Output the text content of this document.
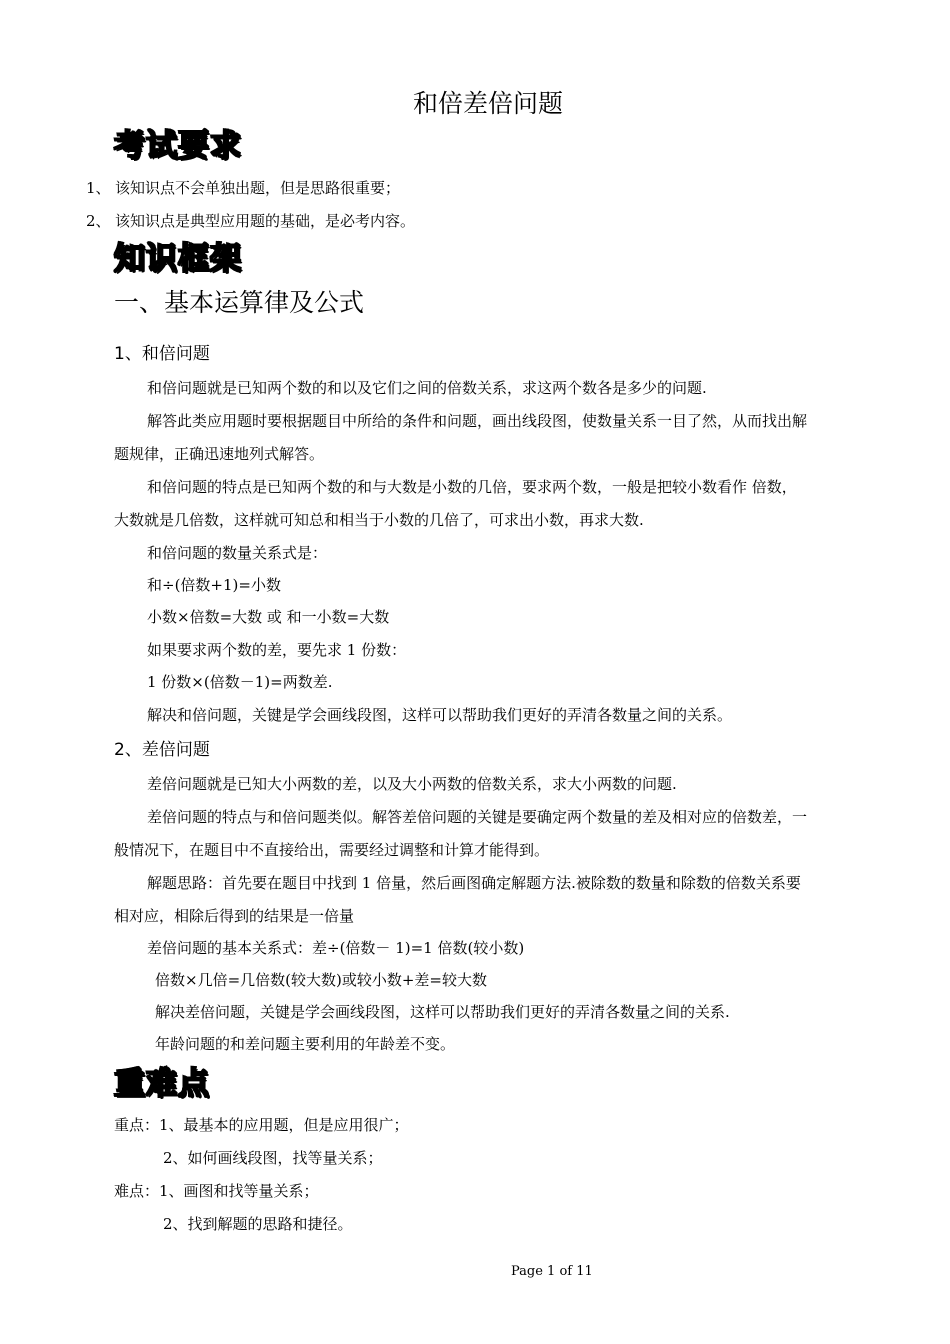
和倍差倍问题
考试要求
1、 该知识点不会单独出题，但是思路很重要；
2、 该知识点是典型应用题的基础，是必考内容。
知识框架
一、基本运算律及公式
1、和倍问题
和倍问题就是已知两个数的和以及它们之间的倍数关系，求这两个数各是多少的问题.
解答此类应用题时要根据题目中所给的条件和问题，画出线段图，使数量关系一目了然，从而找出解
题规律，正确迅速地列式解答。
和倍问题的特点是已知两个数的和与大数是小数的几倍，要求两个数，一般是把较小数看作 倍数，
大数就是几倍数，这样就可知总和相当于小数的几倍了，可求出小数，再求大数.
和倍问题的数量关系式是：
和÷(倍数+1)=小数
小数×倍数=大数 或 和一小数=大数
如果要求两个数的差，要先求 1 份数：
1 份数×(倍数－1)=两数差.
解决和倍问题，关键是学会画线段图，这样可以帮助我们更好的弄清各数量之间的关系。
2、差倍问题
差倍问题就是已知大小两数的差，以及大小两数的倍数关系，求大小两数的问题.
差倍问题的特点与和倍问题类似。解答差倍问题的关键是要确定两个数量的差及相对应的倍数差，一
般情况下，在题目中不直接给出，需要经过调整和计算才能得到。
解题思路：首先要在题目中找到 1 倍量，然后画图确定解题方法.被除数的数量和除数的倍数关系要
相对应，相除后得到的结果是一倍量
差倍问题的基本关系式：差÷(倍数－ 1)=1 倍数(较小数)
倍数×几倍=几倍数(较大数)或较小数+差=较大数
解决差倍问题，关键是学会画线段图，这样可以帮助我们更好的弄清各数量之间的关系.
年龄问题的和差问题主要利用的年龄差不变。
重难点
重点：1、最基本的应用题，但是应用很广；
2、如何画线段图，找等量关系；
难点：1、画图和找等量关系；
2、找到解题的思路和捷径。
Page 1 of 11
